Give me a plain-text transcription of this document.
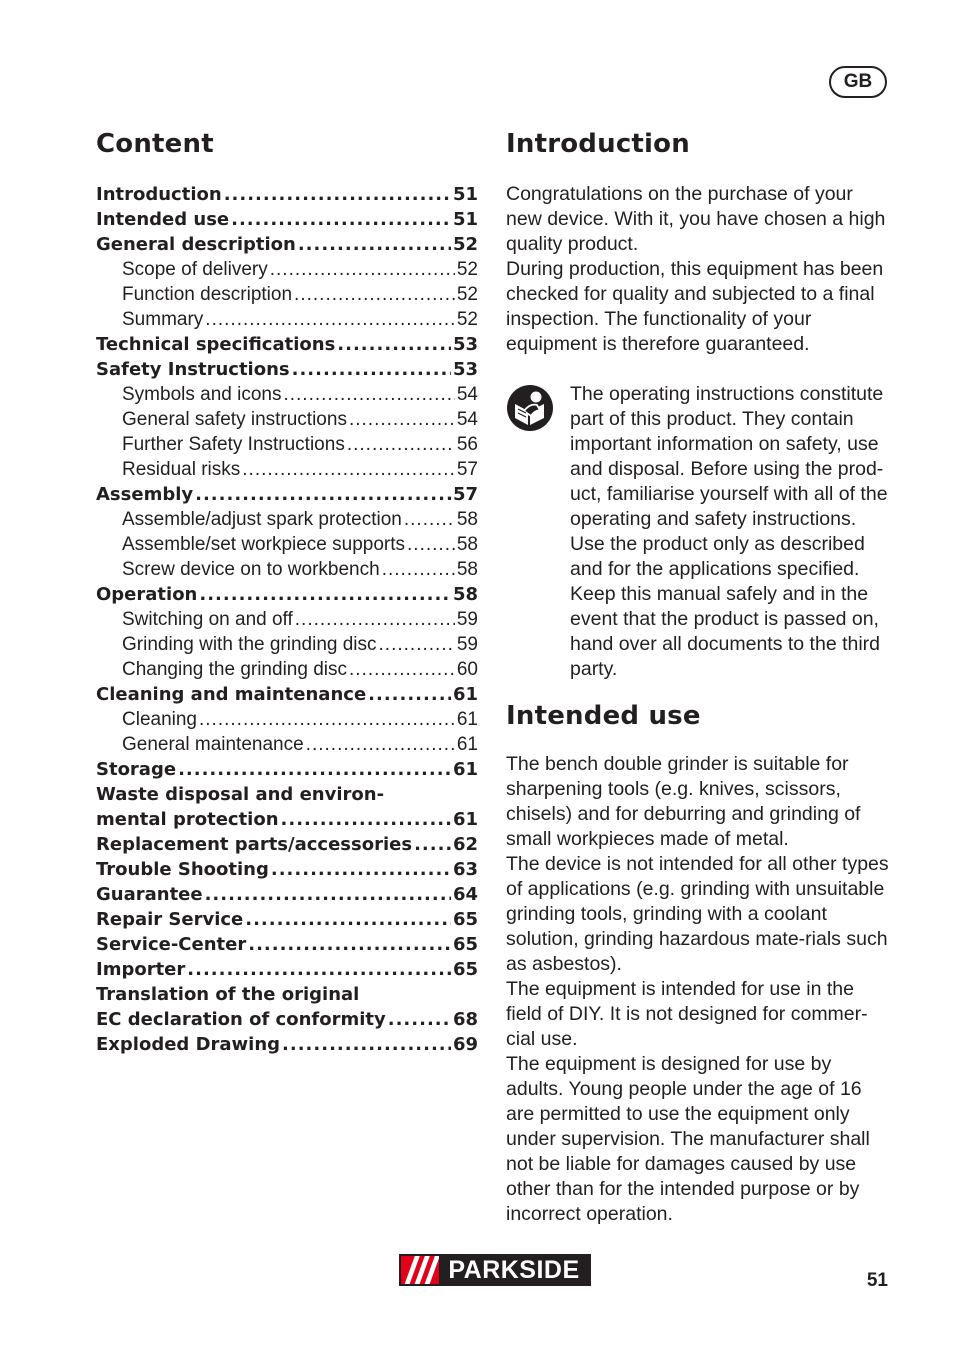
GB
Content
Introduction .....	51
Intended use .....	51
General description .....	52
Scope of delivery .....	52
Function description .....	52
Summary .....	52
Technical specifications .....	53
Safety Instructions .....	53
Symbols and icons .....	54
General safety instructions .....	54
Further Safety Instructions .....	56
Residual risks .....	57
Assembly .....	57
Assemble/adjust spark protection .....	58
Assemble/set workpiece supports .....	58
Screw device on to workbench .....	58
Operation .....	58
Switching on and off .....	59
Grinding with the grinding disc .....	59
Changing the grinding disc .....	60
Cleaning and maintenance .....	61
Cleaning .....	61
General maintenance .....	61
Storage .....	61
Waste disposal and environ-
mental protection .....	61
Replacement parts/accessories ..... 62
Trouble Shooting .....	63
Guarantee .....	64
Repair Service .....	65
Service-Center .....	65
Importer .....	65
Translation of the original
EC declaration of conformity .....	68
Exploded Drawing .....	69
Introduction

Congratulations on the purchase of your new device. With it, you have chosen a high quality product.

During production, this equipment has been checked for quality and subjected to a final inspection. The functionality of your equipment is therefore guaranteed.

The operating instructions constitute part of this product. They contain important information on safety, use and disposal. Before using the prod-uct, familiarise yourself with all of the operating and safety instructions. Use the product only as described and for the applications specified. Keep this manual safely and in the event that the product is passed on, hand over all documents to the third party.

Intended use

The bench double grinder is suitable for sharpening tools (e.g. knives, scissors, chisels) and for deburring and grinding of small workpieces made of metal.

The device is not intended for all other types of applications (e.g. grinding with unsuitable grinding tools, grinding with a coolant solution, grinding hazardous mate-rials such as asbestos).

The equipment is intended for use in the field of DIY. It is not designed for commer-cial use.

The equipment is designed for use by adults. Young people under the age of 16 are permitted to use the equipment only under supervision. The manufacturer shall not be liable for damages caused by use other than for the intended purpose or by incorrect operation.

PARKSIDE	51
